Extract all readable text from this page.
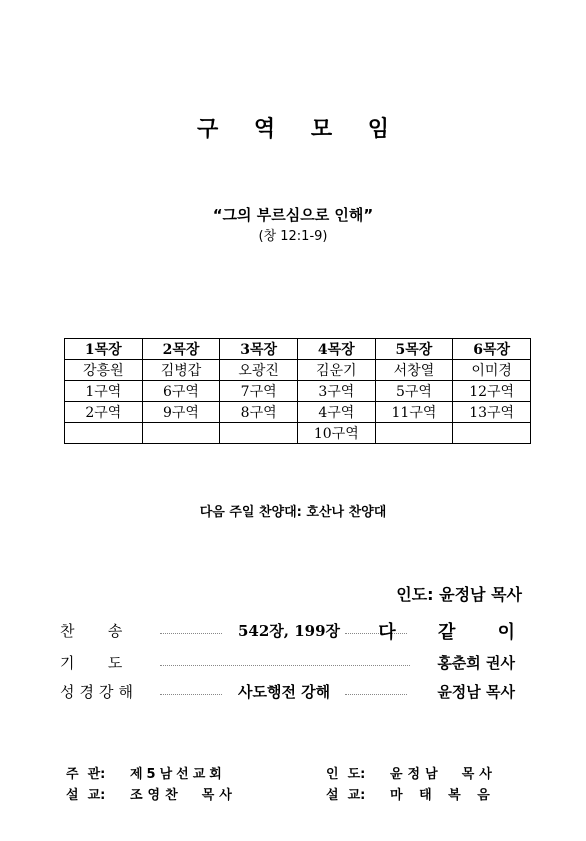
구 역 모 임
“그의 부르심으로 인해”
(창 12:1-9)
1목장	2목장	3목장	4목장	5목장	6목장
강흥원	김병갑	오광진	김운기	서창열	이미경
1구역	6구역	7구역	3구역	5구역	12구역
2구역	9구역	8구역	4구역	11구역	13구역
			10구역		
다음 주일 찬양대: 호산나 찬양대
인도: 윤정남 목사
찬       송	542장, 199장 다 같 이
기       도	홍춘희 권사
성경강해	사도행전 강해	윤정남 목사
주  관: 제5남선교회	인  도: 윤정남  목사
설  교: 조영찬  목사	설  교: 마 태 복 음
